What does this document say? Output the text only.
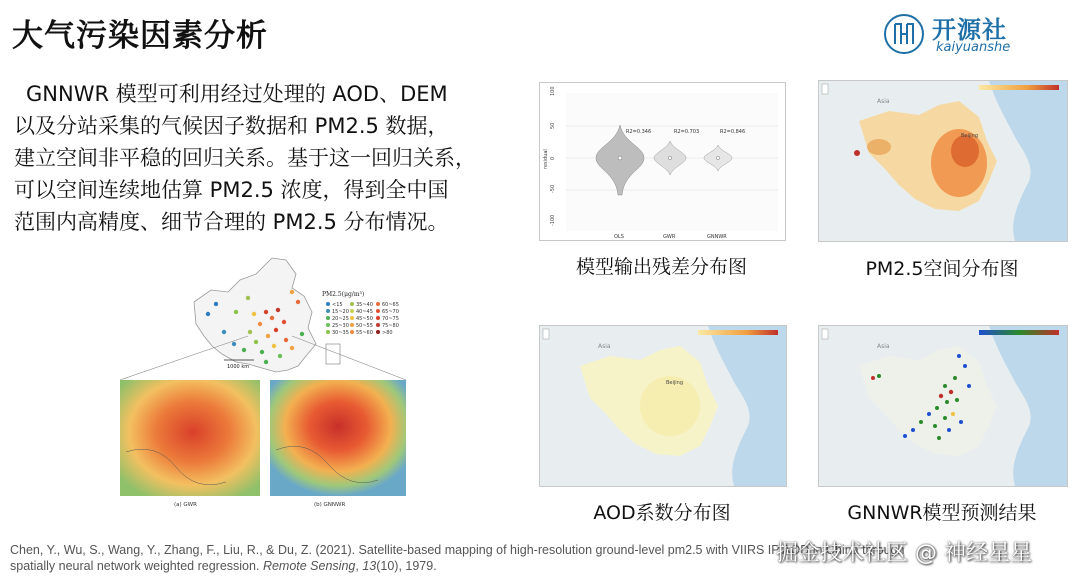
大气污染因素分析	开源社
kaiyuanshe
GNNWR 模型可利用经过处理的 AOD、DEM
以及分站采集的气候因子数据和 PM2.5 数据，
建立空间非平稳的回归关系。基于这一回归关系，
可以空间连续地估算 PM2.5 浓度，得到全中国
范围内高精度、细节合理的 PM2.5 分布情况。
PM2.5(μg/m³)
<15
15~20
20~25
25~30
30~35
35~40
40~45
45~50
50~55
55~60
60~65
65~70
70~75
75~80
>80
1000 km
(a) GWR	(b) GNNWR
residual
100
50
0
-50
-100
R2=0.346	R2=0.703	R2=0.846
OLS	GWR	GNNWR
模型输出残差分布图
Asia
Beijing
PM2.5空间分布图
Asia
Beijing
AOD系数分布图
Asia
GNNWR模型预测结果
Chen, Y., Wu, S., Wang, Y., Zhang, F., Liu, R., & Du, Z. (2021). Satellite-based mapping of high-resolution ground-level pm2.5 with VIIRS IP AOD in China through
spatially neural network weighted regression. Remote Sensing, 13(10), 1979.	掘金技术社区 @ 神经星星
